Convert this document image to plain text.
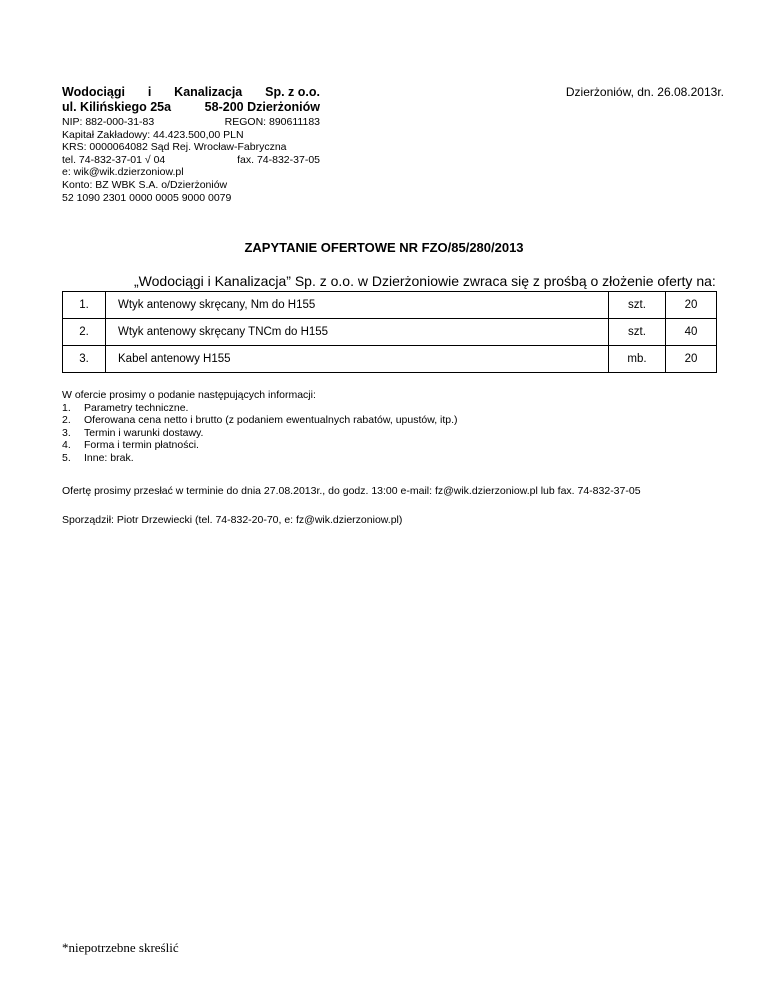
Wodociągi i Kanalizacja Sp. z o.o.
ul. Kilińskiego 25a	58-200 Dzierżoniów
NIP: 882-000-31-83	REGON: 890611183
Kapitał Zakładowy: 44.423.500,00 PLN
KRS: 0000064082 Sąd Rej. Wrocław-Fabryczna
tel. 74-832-37-01 √ 04	fax. 74-832-37-05
e: wik@wik.dzierzoniow.pl
Konto: BZ WBK S.A. o/Dzierżoniów
52 1090 2301 0000 0005 9000 0079
Dzierżoniów, dn. 26.08.2013r.
ZAPYTANIE OFERTOWE NR FZO/85/280/2013
„Wodociągi i Kanalizacja” Sp. z o.o. w Dzierżoniowie zwraca się z prośbą o złożenie oferty na:
1.	Wtyk antenowy skręcany, Nm do H155	szt.	20
2.	Wtyk antenowy skręcany TNCm do H155	szt.	40
3.	Kabel antenowy H155	mb.	20
W ofercie prosimy o podanie następujących informacji:
1.	Parametry techniczne.
2.	Oferowana cena netto i brutto (z podaniem ewentualnych rabatów, upustów, itp.)
3.	Termin i warunki dostawy.
4.	Forma i termin płatności.
5.	Inne: brak.
Ofertę prosimy przesłać w terminie do dnia 27.08.2013r., do godz. 13:00 e-mail: fz@wik.dzierzoniow.pl lub fax. 74-832-37-05
Sporządził: Piotr Drzewiecki (tel. 74-832-20-70, e: fz@wik.dzierzoniow.pl)
*niepotrzebne skreślić
